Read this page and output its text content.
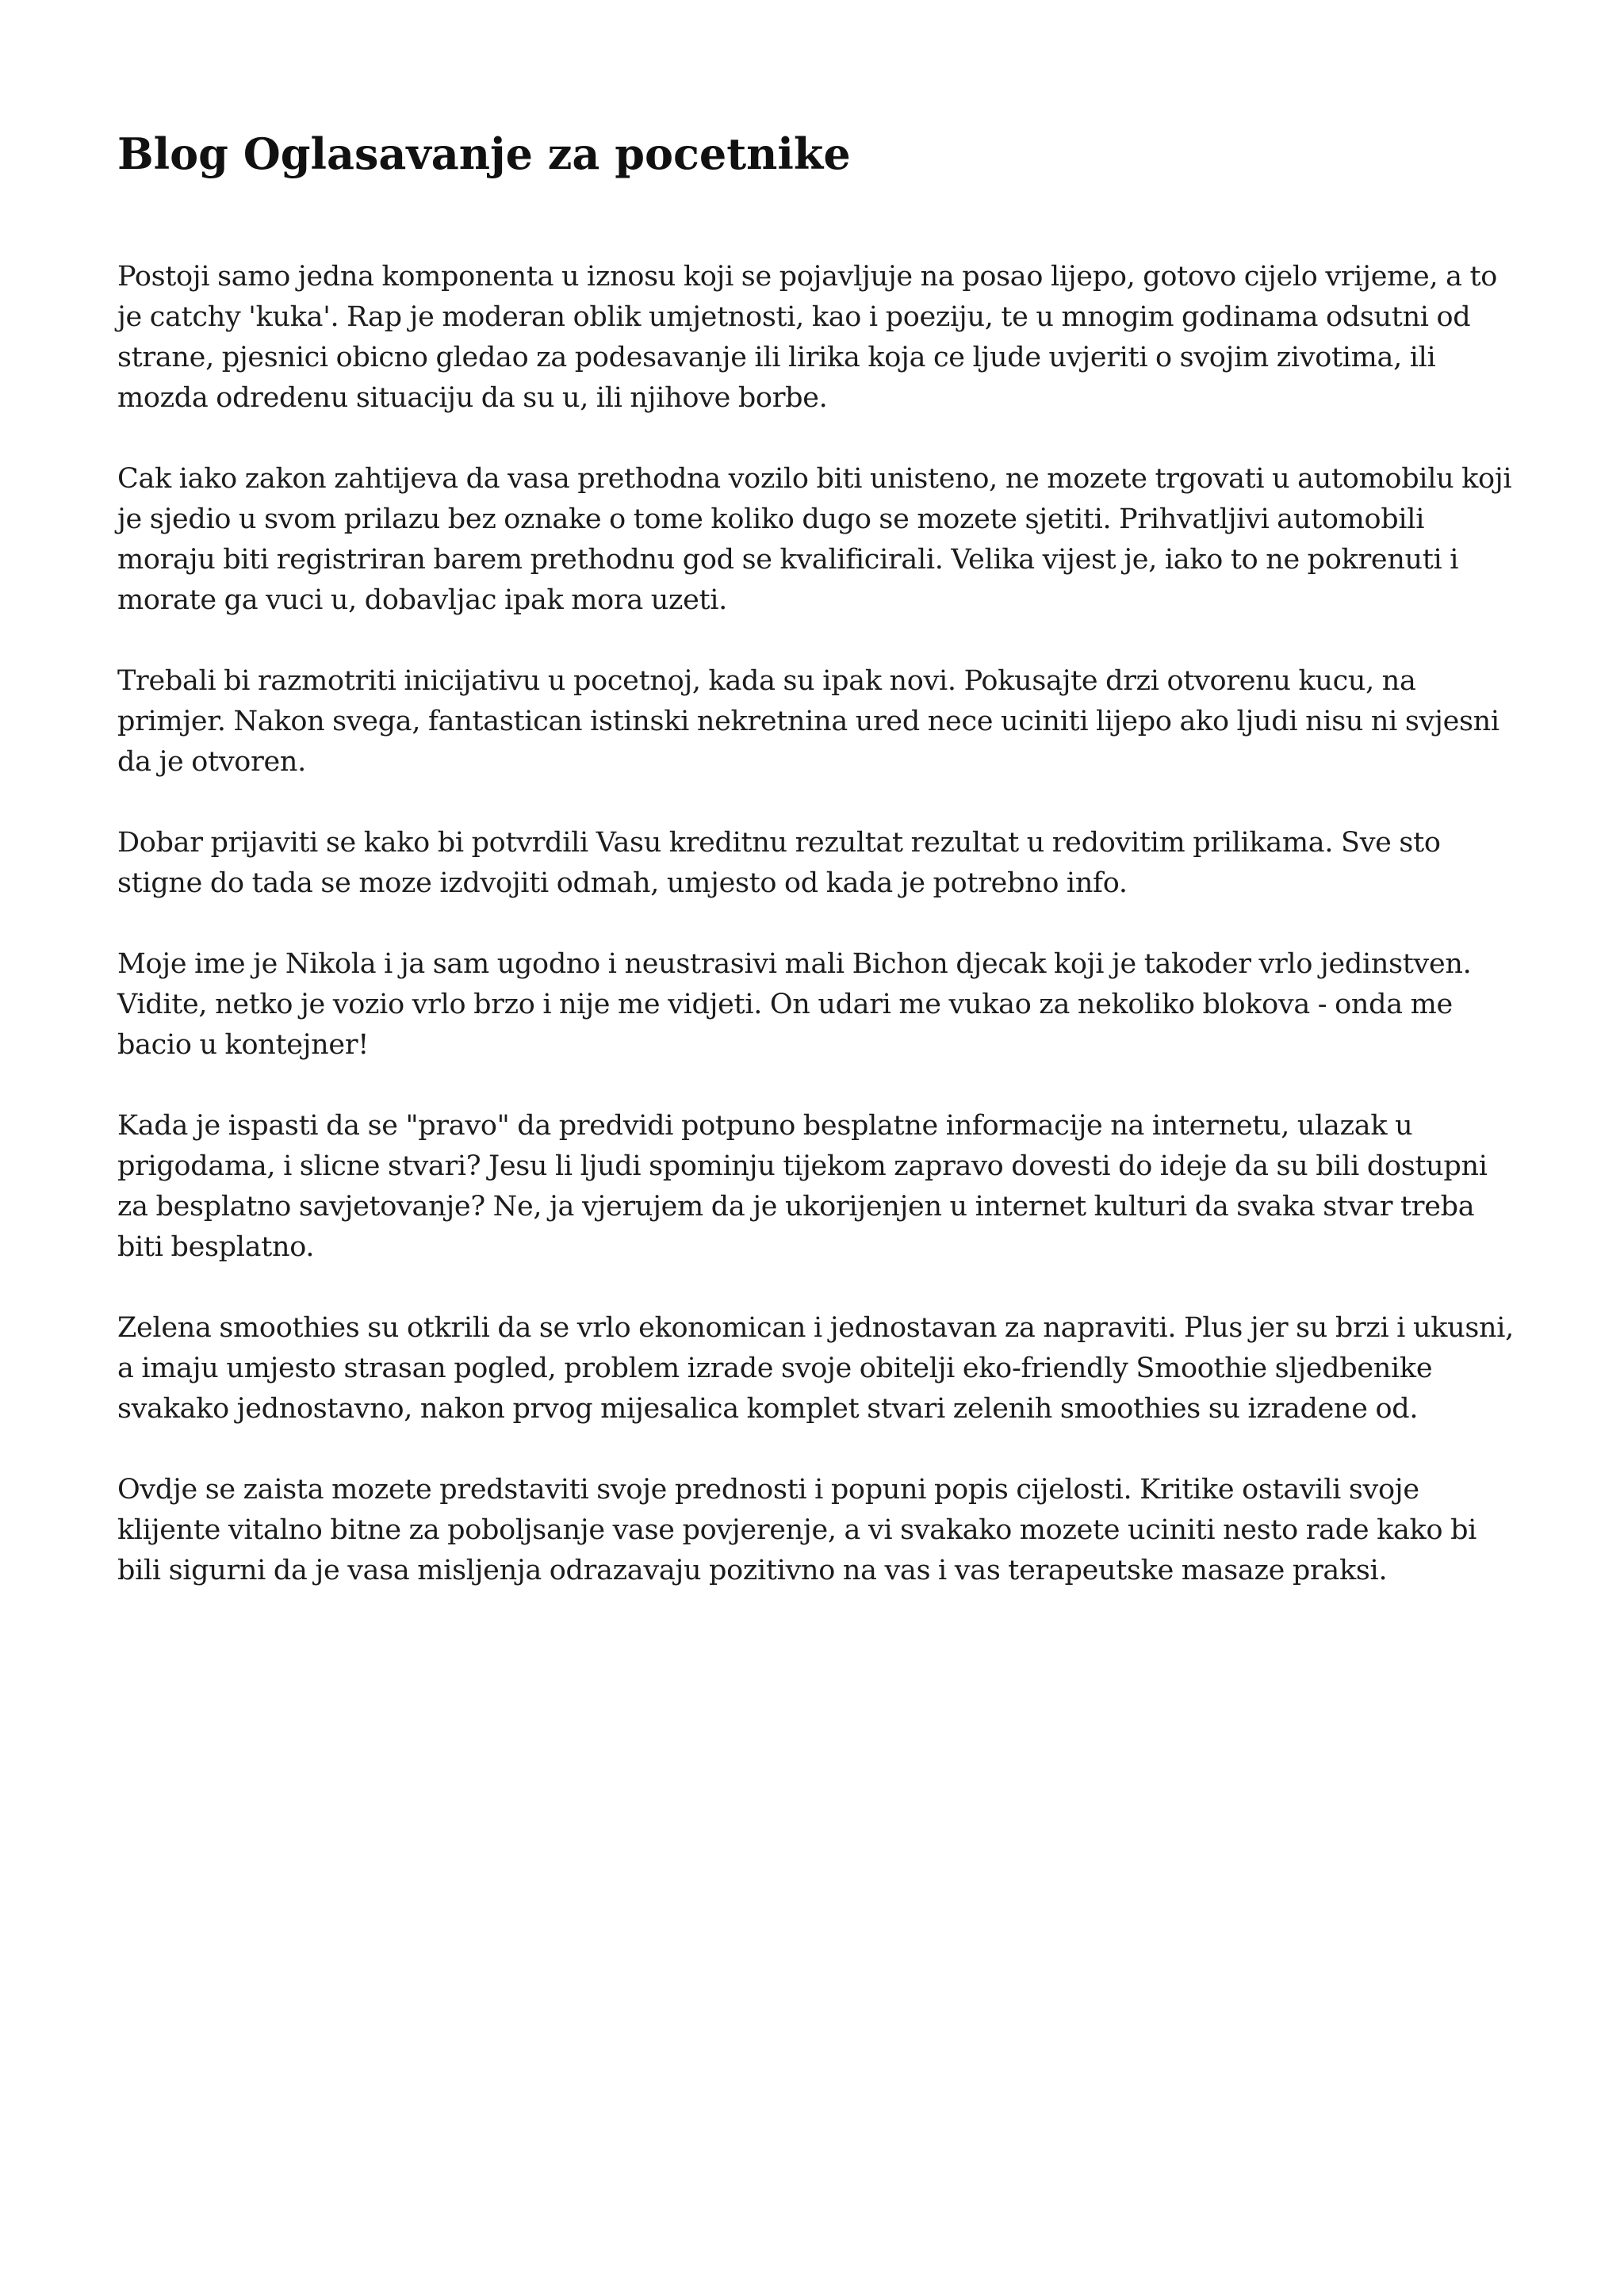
Blog Oglasavanje za pocetnike

Postoji samo jedna komponenta u iznosu koji se pojavljuje na posao lijepo, gotovo cijelo vrijeme, a to je catchy 'kuka'. Rap je moderan oblik umjetnosti, kao i poeziju, te u mnogim godinama odsutni od strane, pjesnici obicno gledao za podesavanje ili lirika koja ce ljude uvjeriti o svojim zivotima, ili mozda odredenu situaciju da su u, ili njihove borbe.

Cak iako zakon zahtijeva da vasa prethodna vozilo biti unisteno, ne mozete trgovati u automobilu koji je sjedio u svom prilazu bez oznake o tome koliko dugo se mozete sjetiti. Prihvatljivi automobili moraju biti registriran barem prethodnu god se kvalificirali. Velika vijest je, iako to ne pokrenuti i morate ga vuci u, dobavljac ipak mora uzeti.

Trebali bi razmotriti inicijativu u pocetnoj, kada su ipak novi. Pokusajte drzi otvorenu kucu, na primjer. Nakon svega, fantastican istinski nekretnina ured nece uciniti lijepo ako ljudi nisu ni svjesni da je otvoren.

Dobar prijaviti se kako bi potvrdili Vasu kreditnu rezultat rezultat u redovitim prilikama. Sve sto stigne do tada se moze izdvojiti odmah, umjesto od kada je potrebno info.

Moje ime je Nikola i ja sam ugodno i neustrasivi mali Bichon djecak koji je takoder vrlo jedinstven. Vidite, netko je vozio vrlo brzo i nije me vidjeti. On udari me vukao za nekoliko blokova - onda me bacio u kontejner!

Kada je ispasti da se "pravo" da predvidi potpuno besplatne informacije na internetu, ulazak u prigodama, i slicne stvari? Jesu li ljudi spominju tijekom zapravo dovesti do ideje da su bili dostupni za besplatno savjetovanje? Ne, ja vjerujem da je ukorijenjen u internet kulturi da svaka stvar treba biti besplatno.

Zelena smoothies su otkrili da se vrlo ekonomican i jednostavan za napraviti. Plus jer su brzi i ukusni, a imaju umjesto strasan pogled, problem izrade svoje obitelji eko-friendly Smoothie sljedbenike svakako jednostavno, nakon prvog mijesalica komplet stvari zelenih smoothies su izradene od.

Ovdje se zaista mozete predstaviti svoje prednosti i popuni popis cijelosti. Kritike ostavili svoje klijente vitalno bitne za poboljsanje vase povjerenje, a vi svakako mozete uciniti nesto rade kako bi bili sigurni da je vasa misljenja odrazavaju pozitivno na vas i vas terapeutske masaze praksi.
